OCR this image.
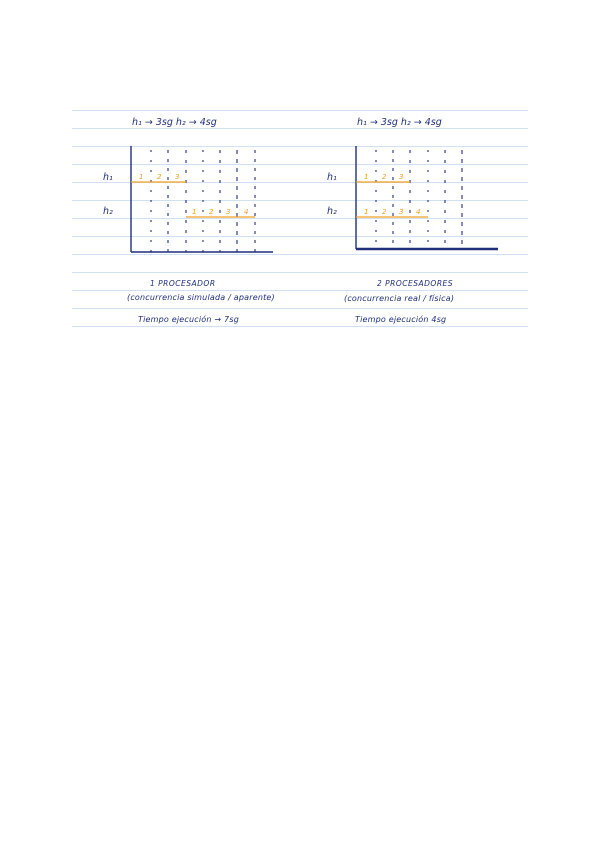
h₁ → 3sg h₂ → 4sg
h₁
h₂
1 2 3
1 2 3 4
1 PROCESADOR
(concurrencia simulada / aparente)
Tiempo ejecución → 7sg
h₁ → 3sg h₂ → 4sg
h₁
h₂
1 2 3
1 2 3 4
2 PROCESADORES
(concurrencia real / física)
Tiempo ejecución 4sg
